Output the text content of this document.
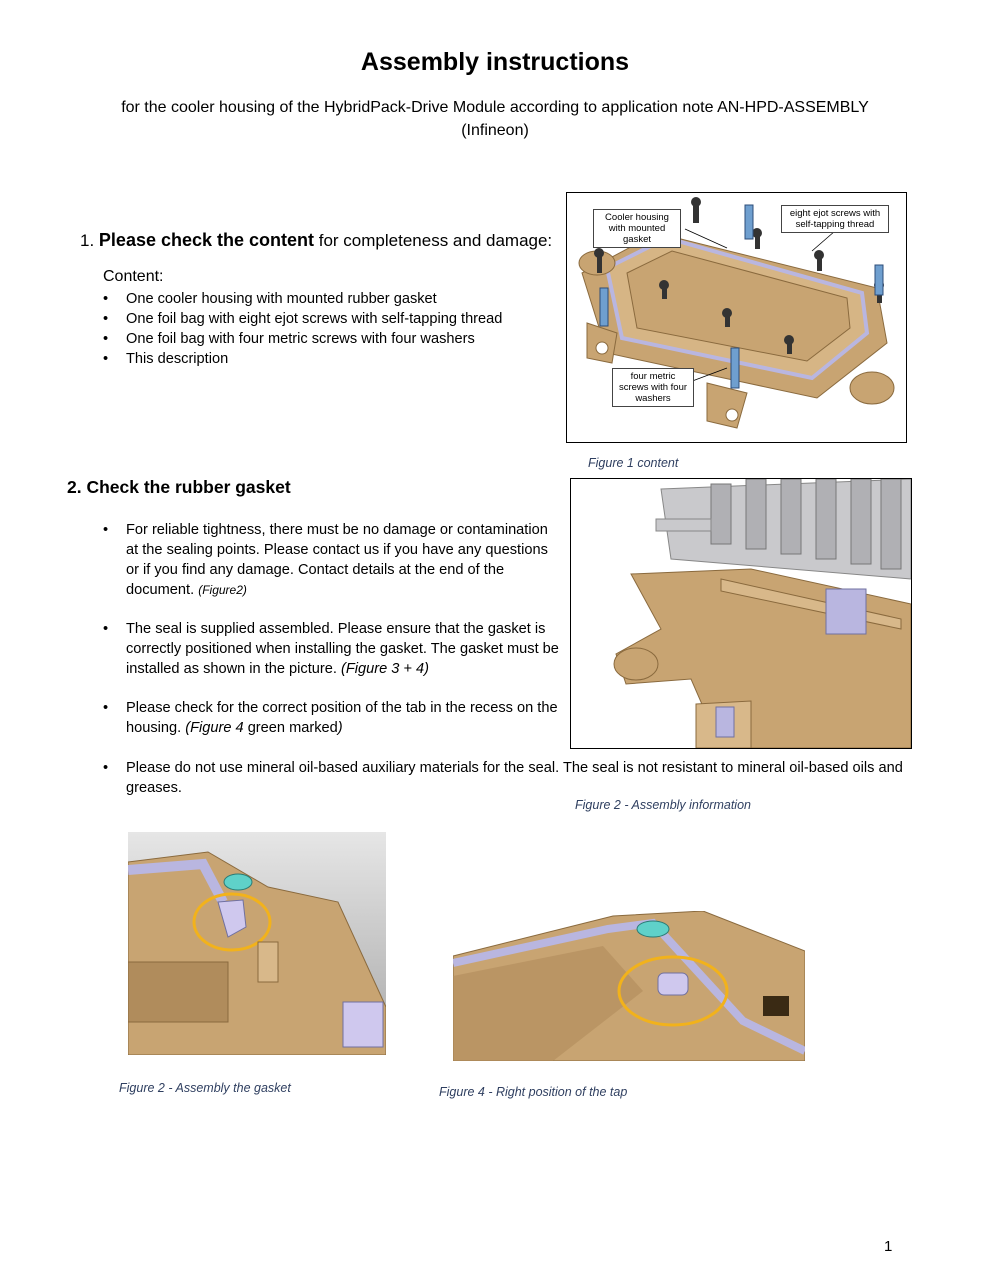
Assembly instructions
for the cooler housing of the HybridPack-Drive Module according to application note AN-HPD-ASSEMBLY (Infineon)
1. Please check the content for completeness and damage:
Content:
• One cooler housing with mounted rubber gasket
• One foil bag with eight ejot screws with self-tapping thread
• One foil bag with four metric screws with four washers
• This description
Cooler housing with mounted gasket
eight ejot screws with self-tapping thread
four metric screws with four washers
Figure 1 content
2. Check the rubber gasket
• For reliable tightness, there must be no damage or contamination at the sealing points. Please contact us if you have any questions or if you find any damage. Contact details at the end of the document. (Figure2)
• The seal is supplied assembled. Please ensure that the gasket is correctly positioned when installing the gasket. The gasket must be installed as shown in the picture. (Figure 3 + 4)
• Please check for the correct position of the tab in the recess on the housing. (Figure 4 green marked)
• Please do not use mineral oil-based auxiliary materials for the seal. The seal is not resistant to mineral oil-based oils and greases.
Figure 2 - Assembly information
Figure 2 - Assembly the gasket	Figure 4 - Right position of the tap
1
